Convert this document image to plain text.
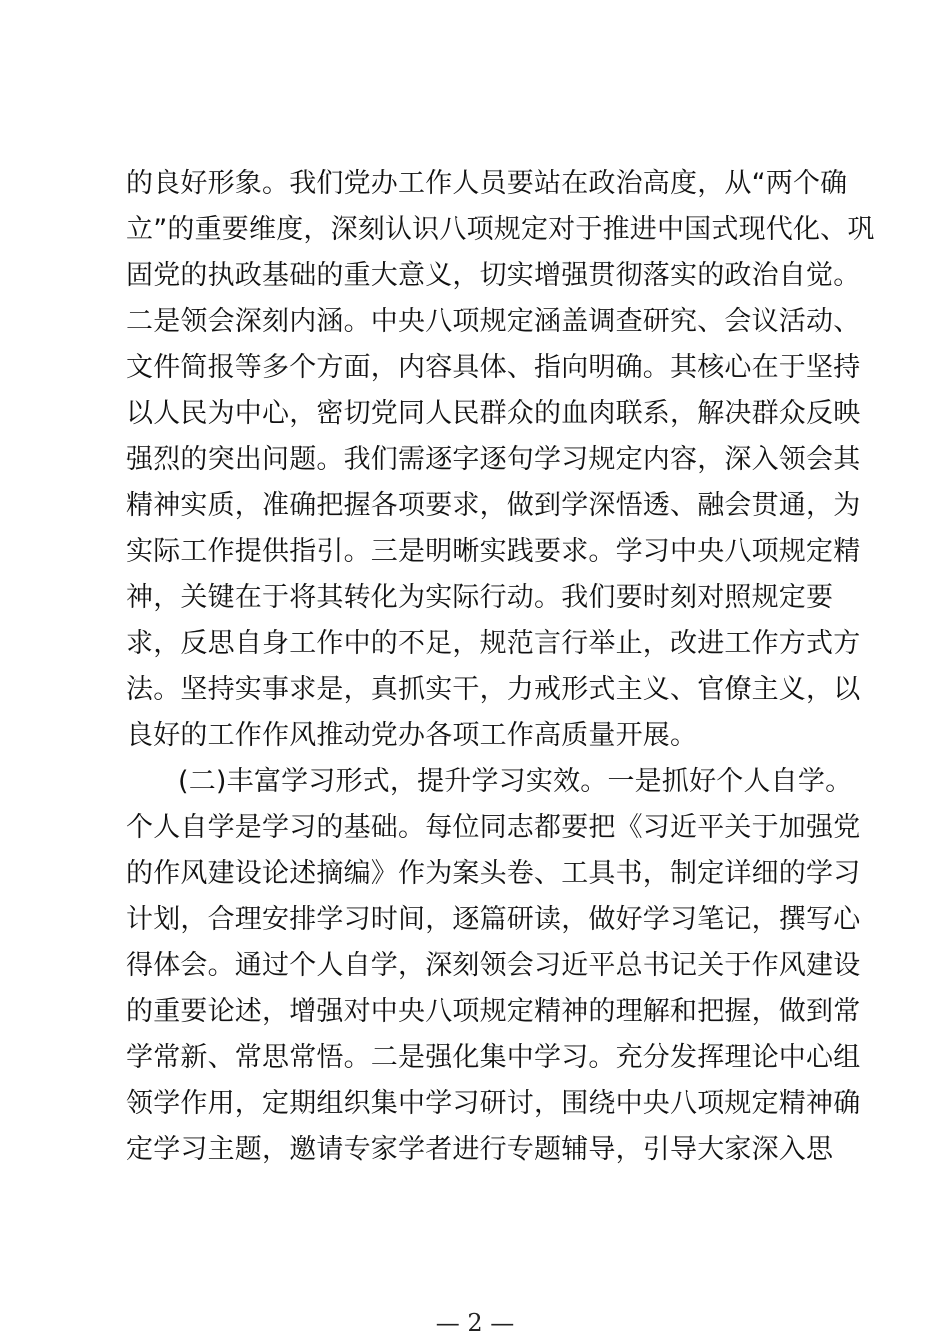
的良好形象。我们党办工作人员要站在政治高度，从“两个确
立”的重要维度，深刻认识八项规定对于推进中国式现代化、巩
固党的执政基础的重大意义，切实增强贯彻落实的政治自觉。
二是领会深刻内涵。中央八项规定涵盖调查研究、会议活动、
文件简报等多个方面，内容具体、指向明确。其核心在于坚持
以人民为中心，密切党同人民群众的血肉联系，解决群众反映
强烈的突出问题。我们需逐字逐句学习规定内容，深入领会其
精神实质，准确把握各项要求，做到学深悟透、融会贯通，为
实际工作提供指引。三是明晰实践要求。学习中央八项规定精
神，关键在于将其转化为实际行动。我们要时刻对照规定要
求，反思自身工作中的不足，规范言行举止，改进工作方式方
法。坚持实事求是，真抓实干，力戒形式主义、官僚主义，以
良好的工作作风推动党办各项工作高质量开展。
(二)丰富学习形式，提升学习实效。一是抓好个人自学。
个人自学是学习的基础。每位同志都要把《习近平关于加强党
的作风建设论述摘编》作为案头卷、工具书，制定详细的学习
计划，合理安排学习时间，逐篇研读，做好学习笔记，撰写心
得体会。通过个人自学，深刻领会习近平总书记关于作风建设
的重要论述，增强对中央八项规定精神的理解和把握，做到常
学常新、常思常悟。二是强化集中学习。充分发挥理论中心组
领学作用，定期组织集中学习研讨，围绕中央八项规定精神确
定学习主题，邀请专家学者进行专题辅导，引导大家深入思
— 2 —
